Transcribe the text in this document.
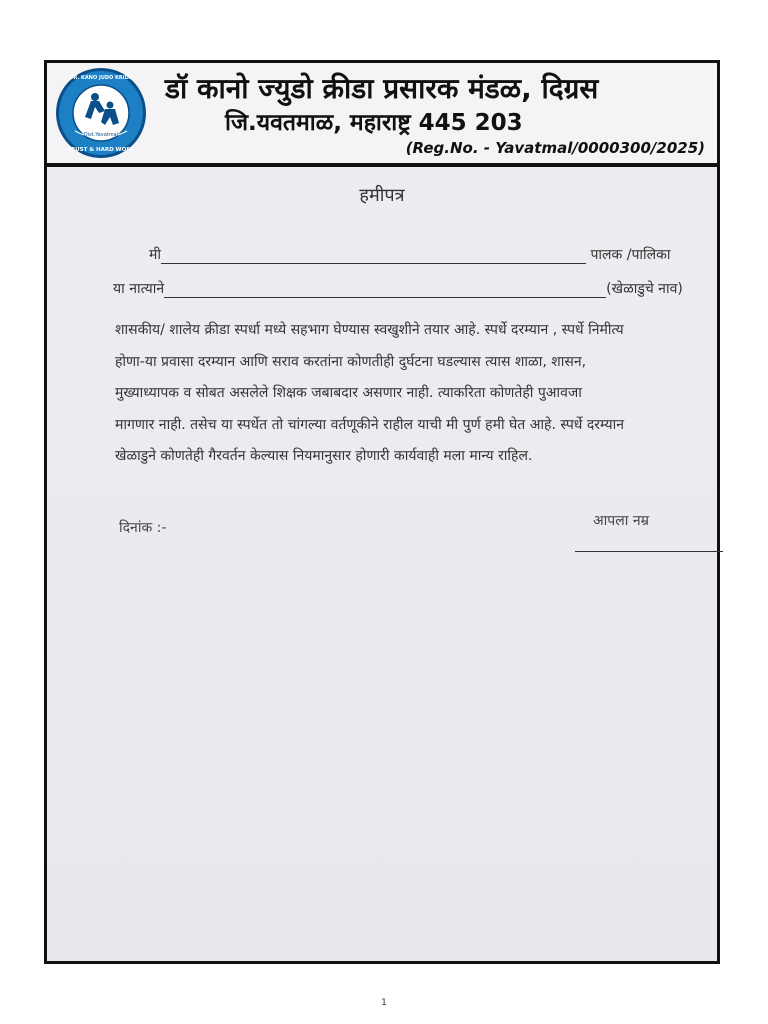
Dist.Yavatmal
TRUST & HARD WORK
DR. KANO JUDO KRIDA डॉ कानो ज्युडो क्रीडा प्रसारक मंडळ, दिग्रस
जि.यवतमाळ, महाराष्ट्र 445 203
(Reg.No. - Yavatmal/0000300/2025)
हमीपत्र
मी	पालक /पालिका
या नात्याने	(खेळाडुचे नाव)
शासकीय/ शालेय क्रीडा स्पर्धा मध्ये सहभाग घेण्यास स्वखुशीने तयार आहे. स्पर्धे दरम्यान , स्पर्धे निमीत्य
होणा-या प्रवासा दरम्यान आणि सराव करतांना कोणतीही दुर्घटना घडल्यास त्यास शाळा, शासन,
मुख्याध्यापक व सोबत असलेले शिक्षक जबाबदार असणार नाही. त्याकरिता कोणतेही पुआवजा
मागणार नाही. तसेच या स्पर्धेत तो चांगल्या वर्तणूकीने राहील याची मी पुर्ण हमी घेत आहे. स्पर्धे दरम्यान
खेळाडुने कोणतेही गैरवर्तन केल्यास नियमानुसार होणारी कार्यवाही मला मान्य राहिल.
दिनांक :-	आपला नम्र
1
